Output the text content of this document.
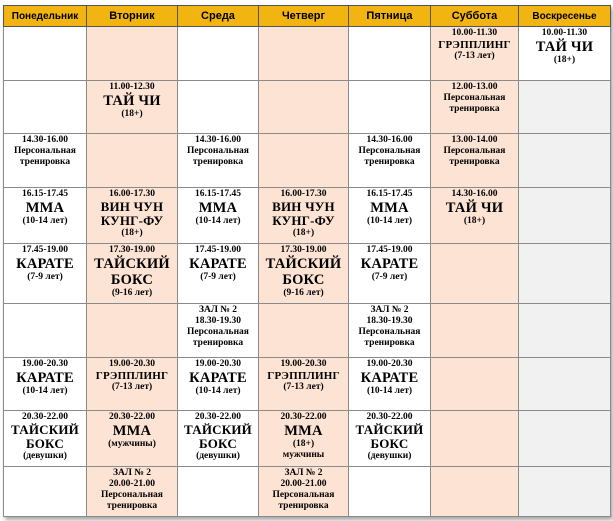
Понедельник	Вторник	Среда	Четверг	Пятница	Суббота	Воскресенье

					10.00-11.30
ГРЭППЛИНГ
(7-13 лет)	10.00-11.30
ТАЙ ЧИ
(18+)

	11.00-12.30
ТАЙ ЧИ
(18+)				12.00-13.00
Персональная
тренировка	

14.30-16.00
Персональная
тренировка		14.30-16.00
Персональная
тренировка		14.30-16.00
Персональная
тренировка	13.00-14.00
Персональная
тренировка	

16.15-17.45
ММА
(10-14 лет)	16.00-17.30
ВИН ЧУН
КУНГ-ФУ
(18+)	16.15-17.45
ММА
(10-14 лет)	16.00-17.30
ВИН ЧУН
КУНГ-ФУ
(18+)	16.15-17.45
ММА
(10-14 лет)	14.30-16.00
ТАЙ ЧИ
(18+)	

17.45-19.00
КАРАТЕ
(7-9 лет)	17.30-19.00
ТАЙСКИЙ
БОКС
(9-16 лет)	17.45-19.00
КАРАТЕ
(7-9 лет)	17.30-19.00
ТАЙСКИЙ
БОКС
(9-16 лет)	17.45-19.00
КАРАТЕ
(7-9 лет)		

		ЗАЛ № 2
18.30-19.30
Персональная
тренировка		ЗАЛ № 2
18.30-19.30
Персональная
тренировка		

19.00-20.30
КАРАТЕ
(10-14 лет)	19.00-20.30
ГРЭППЛИНГ
(7-13 лет)	19.00-20.30
КАРАТЕ
(10-14 лет)	19.00-20.30
ГРЭППЛИНГ
(7-13 лет)	19.00-20.30
КАРАТЕ
(10-14 лет)		

20.30-22.00
ТАЙСКИЙ
БОКС
(девушки)	20.30-22.00
ММА
(мужчины)	20.30-22.00
ТАЙСКИЙ
БОКС
(девушки)	20.30-22.00
ММА
(18+)
мужчины	20.30-22.00
ТАЙСКИЙ
БОКС
(девушки)		

	ЗАЛ № 2
20.00-21.00
Персональная
тренировка		ЗАЛ № 2
20.00-21.00
Персональная
тренировка			
